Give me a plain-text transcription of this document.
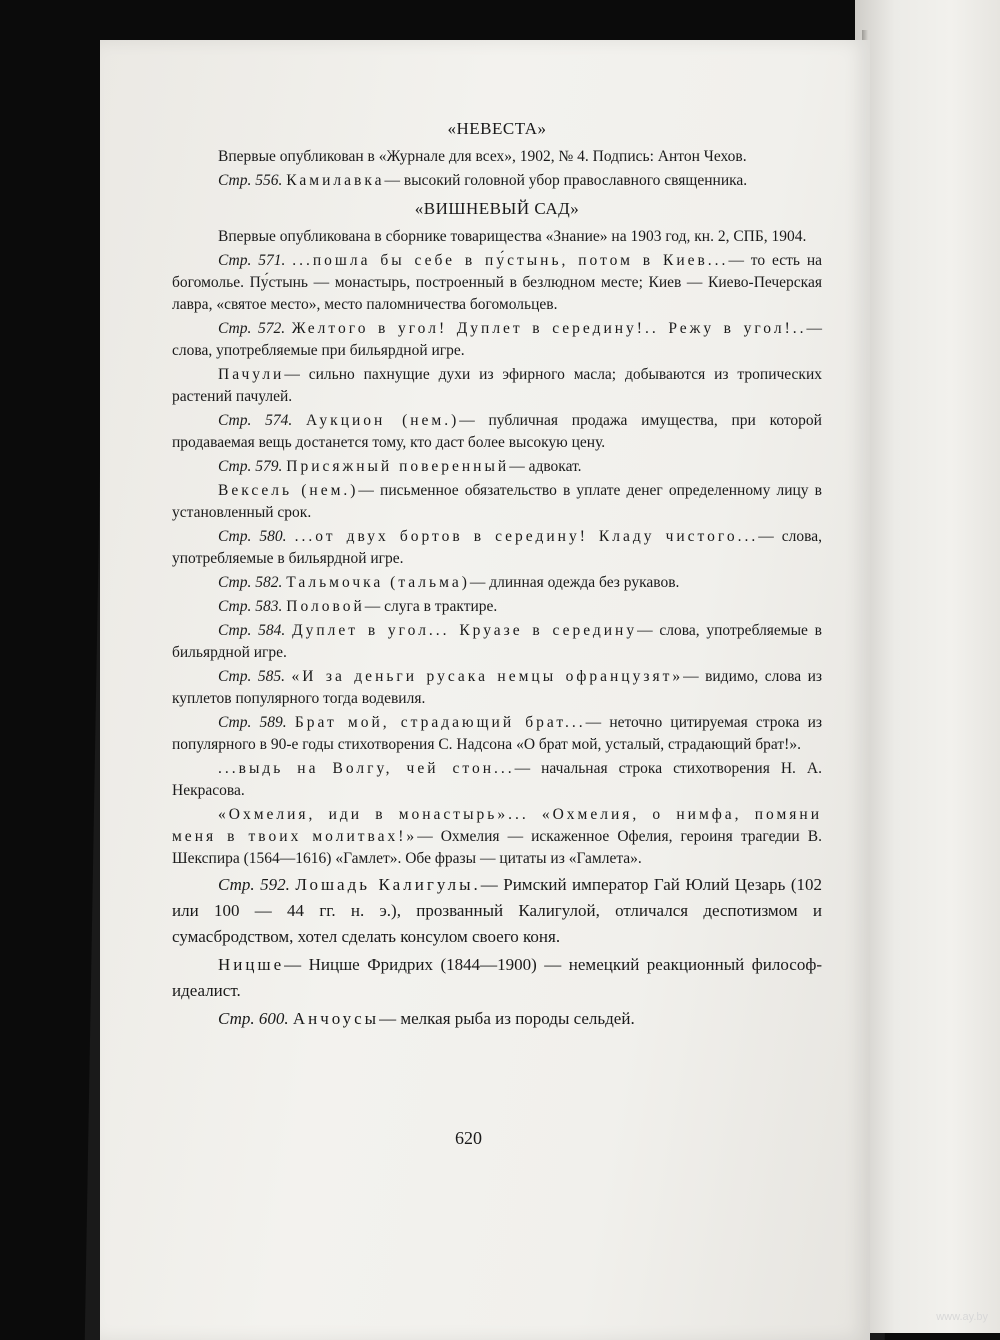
«НЕВЕСТА»

Впервые опубликован в «Журнале для всех», 1902, № 4. Подпись: Антон Чехов.

Стр. 556. Камилавка— высокий головной убор православного священника.

«ВИШНЕВЫЙ САД»

Впервые опубликована в сборнике товарищества «Знание» на 1903 год, кн. 2, СПБ, 1904.

Стр. 571. ...пошла бы себе в пу́стынь, потом в Киев...— то есть на богомолье. Пу́стынь — монастырь, построенный в безлюдном месте; Киев — Киево-Печерская лавра, «святое место», место паломничества богомольцев.

Стр. 572. Желтого в угол! Дуплет в середину!.. Режу в угол!..— слова, употребляемые при бильярдной игре.

Пачули— сильно пахнущие духи из эфирного масла; добываются из тропических растений пачулей.

Стр. 574. Аукцион (нем.)— публичная продажа имущества, при которой продаваемая вещь достанется тому, кто даст более высокую цену.

Стр. 579. Присяжный поверенный— адвокат.

Вексель (нем.)— письменное обязательство в уплате денег определенному лицу в установленный срок.

Стр. 580. ...от двух бортов в середину! Кладу чистого...— слова, употребляемые в бильярдной игре.

Стр. 582. Тальмочка (тальма)— длинная одежда без рукавов.

Стр. 583. Половой— слуга в трактире.

Стр. 584. Дуплет в угол... Круазе в середину— слова, употребляемые в бильярдной игре.

Стр. 585. «И за деньги русака немцы офранцузят»— видимо, слова из куплетов популярного тогда водевиля.

Стр. 589. Брат мой, страдающий брат...— неточно цитируемая строка из популярного в 90-е годы стихотворения С. Надсона «О брат мой, усталый, страдающий брат!».

...выдь на Волгу, чей стон...— начальная строка стихотворения Н. А. Некрасова.

«Охмелия, иди в монастырь»... «Охмелия, о нимфа, помяни меня в твоих молитвах!»— Охмелия — искаженное Офелия, героиня трагедии В. Шекспира (1564—1616) «Гамлет». Обе фразы — цитаты из «Гамлета».

Стр. 592. Лошадь Калигулы.— Римский император Гай Юлий Цезарь (102 или 100 — 44 гг. н. э.), прозванный Калигулой, отличался деспотизмом и сумасбродством, хотел сделать консулом своего коня.

Ницше— Ницше Фридрих (1844—1900) — немецкий реакционный философ-идеалист.

Стр. 600. Анчоусы— мелкая рыба из породы сельдей.

620
www.ay.by
